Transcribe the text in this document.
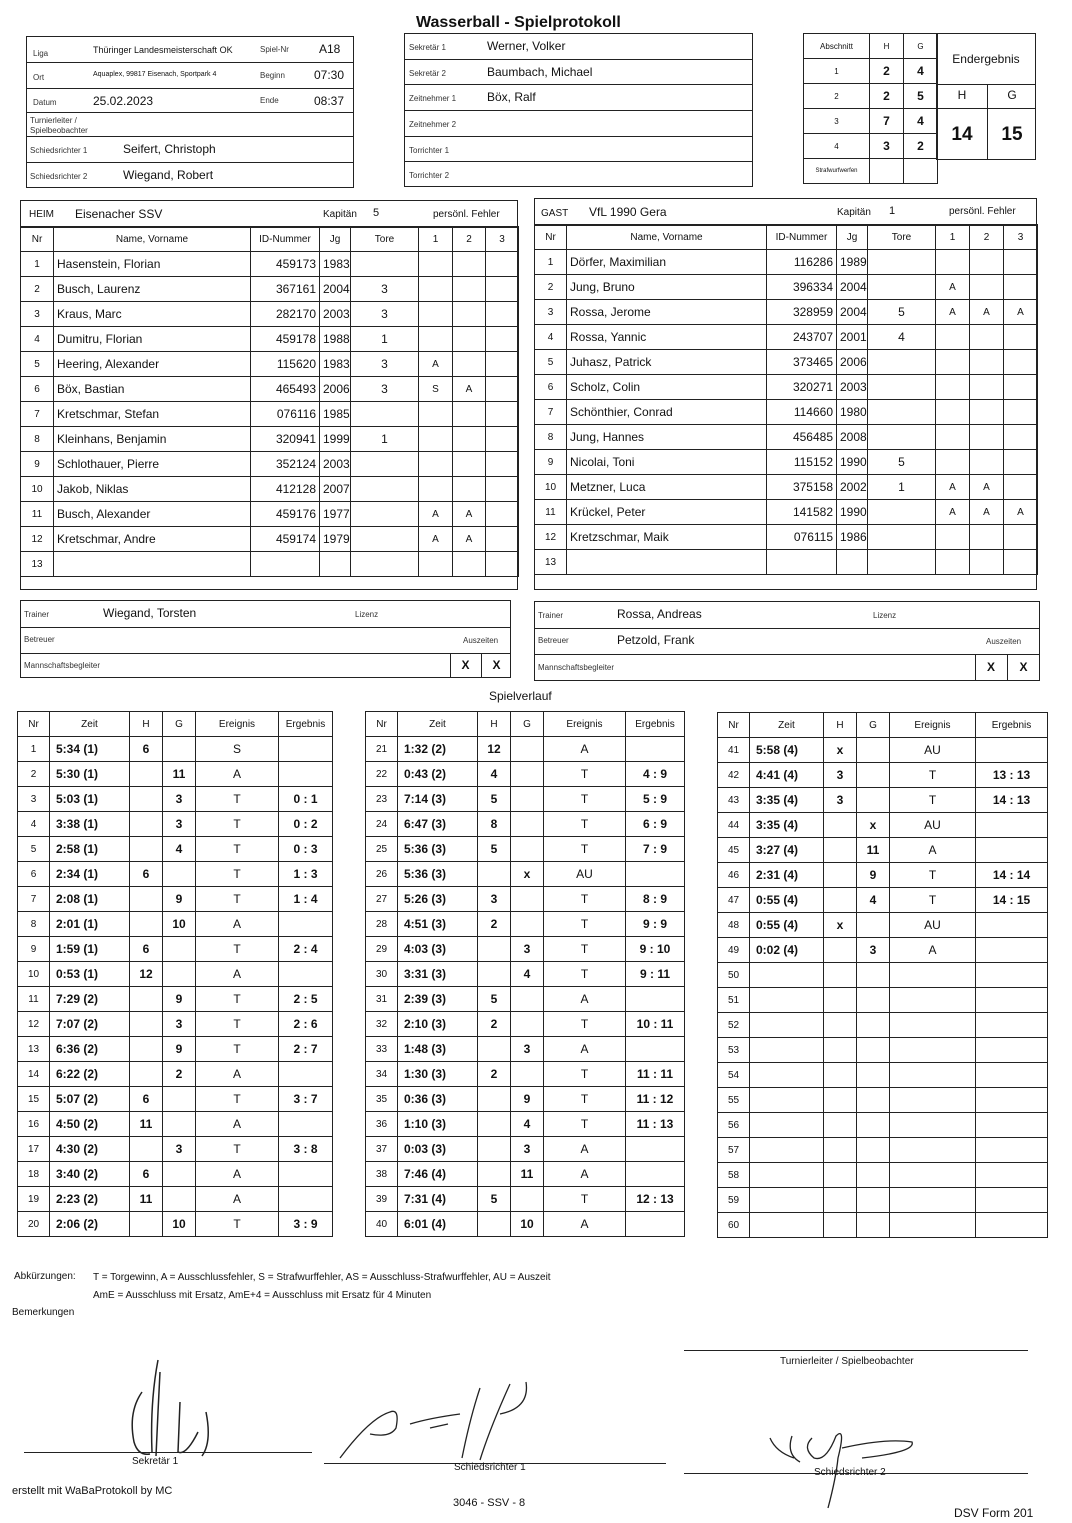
Wasserball - Spielprotokoll
Liga	Thüringer Landesmeisterschaft OK	Spiel-Nr	A18
Ort	Aquaplex, 99817 Eisenach, Sportpark 4	Beginn 07:30
Datum	25.02.2023	Ende	08:37
Turnierleiter / Spielbeobachter
Schiedsrichter 1	Seifert, Christoph
Schiedsrichter 2	Wiegand, Robert
Sekretär 1	Werner, Volker
Sekretär 2	Baumbach, Michael
Zeitnehmer 1	Böx, Ralf
Zeitnehmer 2
Torrichter 1
Torrichter 2
Abschnitt	H	G
1	2	4
2	2	5
3	7	4
4	3	2
Strafwurfwerfen		
Endergebnis
H	G
14	15
HEIM Eisenacher SSV	Kapitän 5	persönl. Fehler
Nr	Name, Vorname	ID-Nummer	Jg	Tore	1	2	3
1	Hasenstein, Florian	459173	1983				
2	Busch, Laurenz	367161	2004	3			
3	Kraus, Marc	282170	2003	3			
4	Dumitru, Florian	459178	1988	1			
5	Heering, Alexander	115620	1983	3	A		
6	Böx, Bastian	465493	2006	3	S	A	
7	Kretschmar, Stefan	076116	1985				
8	Kleinhans, Benjamin	320941	1999	1			
9	Schlothauer, Pierre	352124	2003				
10	Jakob, Niklas	412128	2007				
11	Busch, Alexander	459176	1977		A	A	
12	Kretschmar, Andre	459174	1979		A	A	
13							
GAST VfL 1990 Gera	Kapitän 1	persönl. Fehler
Nr	Name, Vorname	ID-Nummer	Jg	Tore	1	2	3
1	Dörfer, Maximilian	116286	1989				
2	Jung, Bruno	396334	2004		A		
3	Rossa, Jerome	328959	2004	5	A	A	A
4	Rossa, Yannic	243707	2001	4			
5	Juhasz, Patrick	373465	2006				
6	Scholz, Colin	320271	2003				
7	Schönthier, Conrad	114660	1980				
8	Jung, Hannes	456485	2008				
9	Nicolai, Toni	115152	1990	5			
10	Metzner, Luca	375158	2002	1	A	A	
11	Krückel, Peter	141582	1990		A	A	A
12	Kretzschmar, Maik	076115	1986				
13							
Trainer	Wiegand, Torsten	Lizenz
Betreuer	Auszeiten
Mannschaftsbegleiter	X	X
Trainer	Rossa, Andreas	Lizenz
Betreuer	Petzold, Frank	Auszeiten
Mannschaftsbegleiter	X	X
Spielverlauf
Nr	Zeit	H	G	Ereignis	Ergebnis
1	5:34 (1)	6		S	
2	5:30 (1)		11	A	
3	5:03 (1)		3	T	0 : 1
4	3:38 (1)		3	T	0 : 2
5	2:58 (1)		4	T	0 : 3
6	2:34 (1)	6		T	1 : 3
7	2:08 (1)		9	T	1 : 4
8	2:01 (1)		10	A	
9	1:59 (1)	6		T	2 : 4
10	0:53 (1)	12		A	
11	7:29 (2)		9	T	2 : 5
12	7:07 (2)		3	T	2 : 6
13	6:36 (2)		9	T	2 : 7
14	6:22 (2)		2	A	
15	5:07 (2)	6		T	3 : 7
16	4:50 (2)	11		A	
17	4:30 (2)		3	T	3 : 8
18	3:40 (2)	6		A	
19	2:23 (2)	11		A	
20	2:06 (2)		10	T	3 : 9
Nr	Zeit	H	G	Ereignis	Ergebnis
21	1:32 (2)	12		A	
22	0:43 (2)	4		T	4 : 9
23	7:14 (3)	5		T	5 : 9
24	6:47 (3)	8		T	6 : 9
25	5:36 (3)	5		T	7 : 9
26	5:36 (3)		x	AU	
27	5:26 (3)	3		T	8 : 9
28	4:51 (3)	2		T	9 : 9
29	4:03 (3)		3	T	9 : 10
30	3:31 (3)		4	T	9 : 11
31	2:39 (3)	5		A	
32	2:10 (3)	2		T	10 : 11
33	1:48 (3)		3	A	
34	1:30 (3)	2		T	11 : 11
35	0:36 (3)		9	T	11 : 12
36	1:10 (3)		4	T	11 : 13
37	0:03 (3)		3	A	
38	7:46 (4)		11	A	
39	7:31 (4)	5		T	12 : 13
40	6:01 (4)		10	A	
Nr	Zeit	H	G	Ereignis	Ergebnis
41	5:58 (4)	x		AU	
42	4:41 (4)	3		T	13 : 13
43	3:35 (4)	3		T	14 : 13
44	3:35 (4)		x	AU	
45	3:27 (4)		11	A	
46	2:31 (4)		9	T	14 : 14
47	0:55 (4)		4	T	14 : 15
48	0:55 (4)	x		AU	
49	0:02 (4)		3	A	
50					
51					
52					
53					
54					
55					
56					
57					
58					
59					
60					
Abkürzungen: T = Torgewinn, A = Ausschlussfehler, S = Strafwurffehler, AS = Ausschluss-Strafwurffehler, AU = Auszeit
AmE = Ausschluss mit Ersatz, AmE+4 = Ausschluss mit Ersatz für 4 Minuten
Bemerkungen
Turnierleiter / Spielbeobachter
Sekretär 1
Schiedsrichter 1	Schiedsrichter 2
erstellt mit WaBaProtokoll by MC
3046 - SSV - 8
DSV Form 201
